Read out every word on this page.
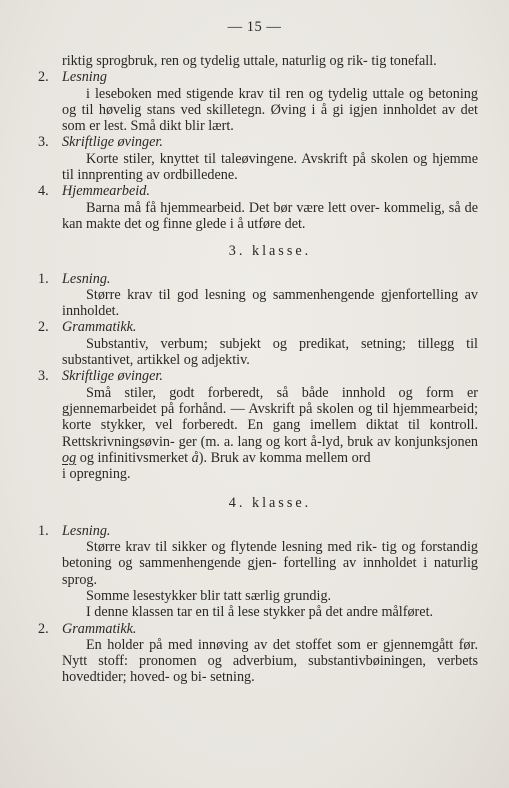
— 15 —

riktig sprogbruk, ren og tydelig uttale, naturlig og rik- tig tonefall.

2. Lesning

i leseboken med stigende krav til ren og tydelig uttale og betoning og til høvelig stans ved skilletegn. Øving i å gi igjen innholdet av det som er lest. Små dikt blir lært.

3. Skriftlige øvinger.

Korte stiler, knyttet til taleøvingene. Avskrift på skolen og hjemme til innprenting av ordbilledene.

4. Hjemmearbeid.

Barna må få hjemmearbeid. Det bør være lett over- kommelig, så de kan makte det og finne glede i å utføre det.

3. klasse.

1. Lesning.

Større krav til god lesning og sammenhengende gjenfortelling av innholdet.

2. Grammatikk.

Substantiv, verbum; subjekt og predikat, setning; tillegg til substantivet, artikkel og adjektiv.

3. Skriftlige øvinger.

Små stiler, godt forberedt, så både innhold og form er gjennemarbeidet på forhånd. — Avskrift på skolen og til hjemmearbeid; korte stykker, vel forberedt. En gang imellem diktat til kontroll. Rettskrivningsøvin- ger (m. a. lang og kort å-lyd, bruk av konjunksjonen og og infinitivsmerket å). Bruk av komma mellem ord

i opregning.

4. klasse.

1. Lesning.

Større krav til sikker og flytende lesning med rik- tig og forstandig betoning og sammenhengende gjen- fortelling av innholdet i naturlig sprog.

Somme lesestykker blir tatt særlig grundig.

I denne klassen tar en til å lese stykker på det andre målføret.

2. Grammatikk.

En holder på med innøving av det stoffet som er gjennemgått før. Nytt stoff: pronomen og adverbium, substantivbøiningen, verbets hovedtider; hoved- og bi- setning.
